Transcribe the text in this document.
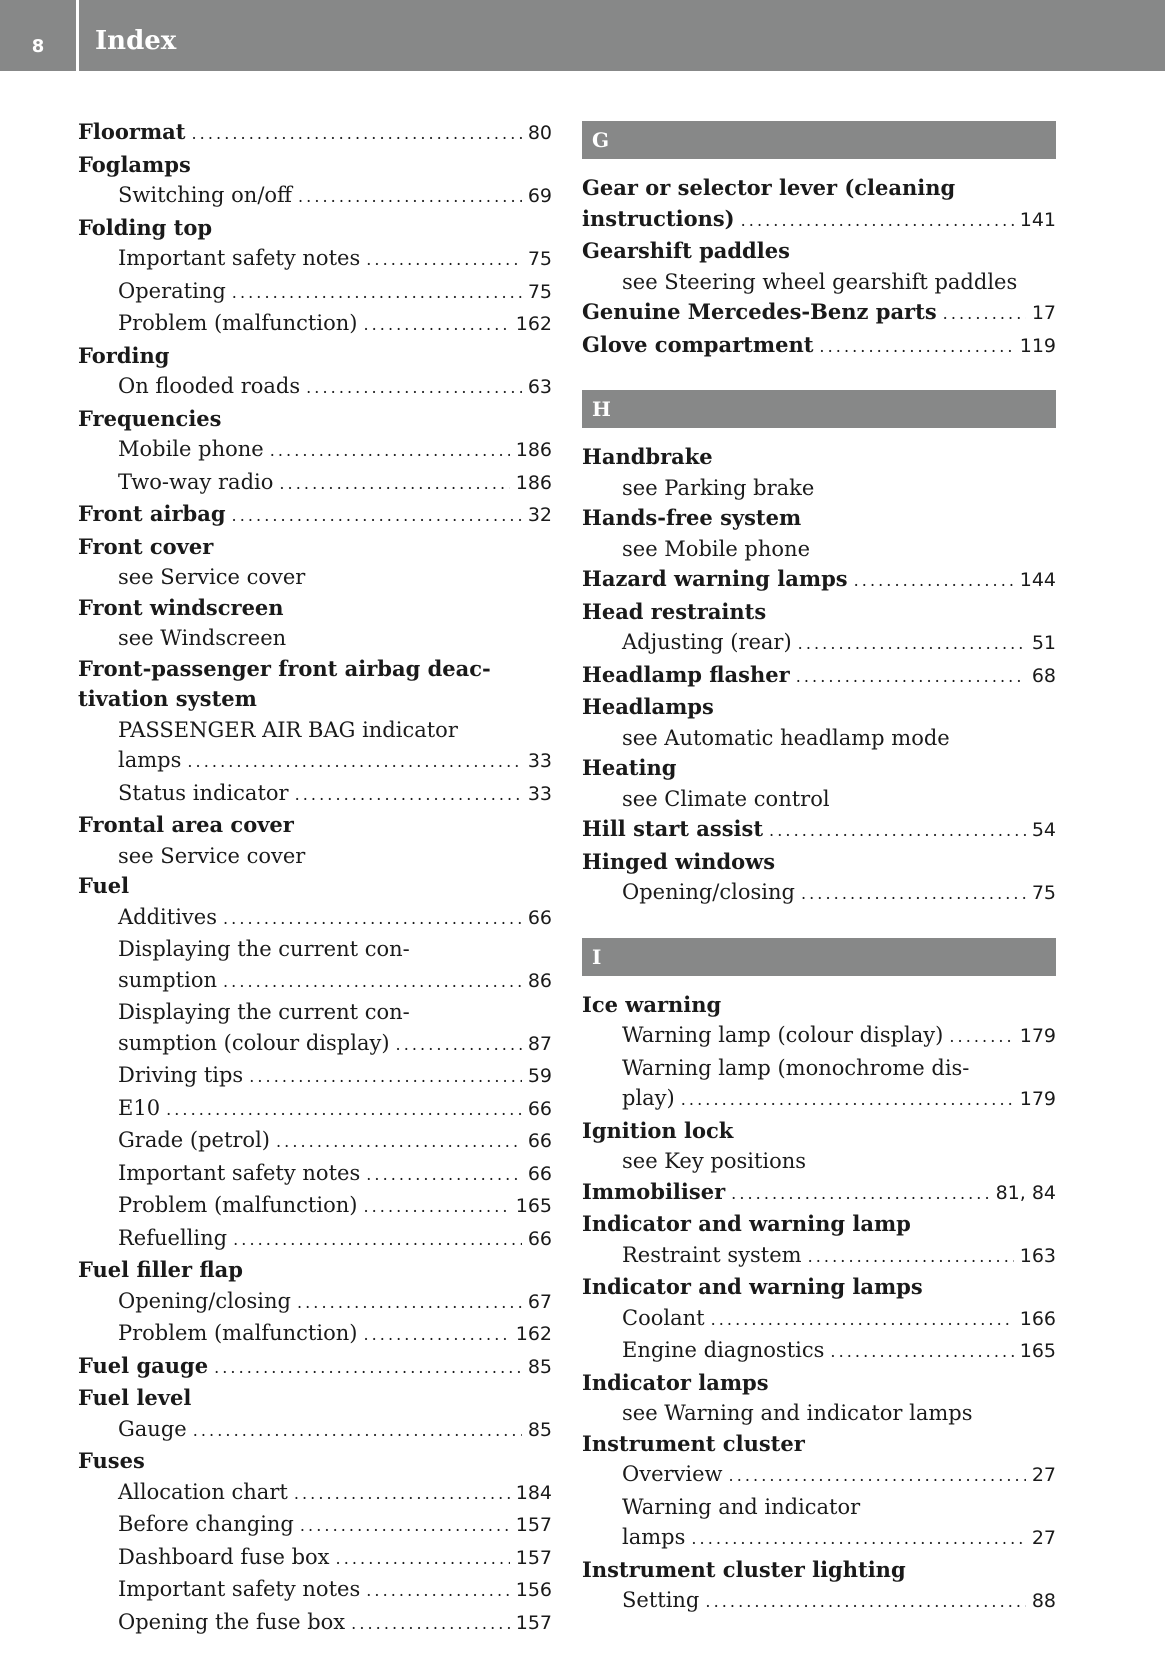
8 Index
Floormat . . .	80
Foglamps
Switching on/off . . .	69
Folding top
Important safety notes . . .	75
Operating . . .	75
Problem (malfunction) . . .	162
Fording
On flooded roads . . .	63
Frequencies
Mobile phone . . .	186
Two-way radio . . .	186
Front airbag . . .	32
Front cover
see Service cover
Front windscreen
see Windscreen
Front-passenger front airbag deac-
tivation system
PASSENGER AIR BAG indicator
lamps . . .	33
Status indicator . . .	33
Frontal area cover
see Service cover
Fuel
Additives . . .	66
Displaying the current con-
sumption . . .	86
Displaying the current con-
sumption (colour display) . . .	87
Driving tips . . .	59
E10 . . .	66
Grade (petrol) . . .	66
Important safety notes . . .	66
Problem (malfunction) . . .	165
Refuelling . . .	66
Fuel filler flap
Opening/closing . . .	67
Problem (malfunction) . . .	162
Fuel gauge . . .	85
Fuel level
Gauge . . .	85
Fuses
Allocation chart . . .	184
Before changing . . .	157
Dashboard fuse box . . .	157
Important safety notes . . .	156
Opening the fuse box . . .	157
G
Gear or selector lever (cleaning
instructions) . . .	141
Gearshift paddles
see Steering wheel gearshift paddles
Genuine Mercedes-Benz parts . . .	17
Glove compartment . . .	119
H
Handbrake
see Parking brake
Hands-free system
see Mobile phone
Hazard warning lamps . . .	144
Head restraints
Adjusting (rear) . . .	51
Headlamp flasher . . .	68
Headlamps
see Automatic headlamp mode
Heating
see Climate control
Hill start assist . . .	54
Hinged windows
Opening/closing . . .	75
I
Ice warning
Warning lamp (colour display) . . .	179
Warning lamp (monochrome dis-
play) . . .	179
Ignition lock
see Key positions
Immobiliser . . .	81, 84
Indicator and warning lamp
Restraint system . . .	163
Indicator and warning lamps
Coolant . . .	166
Engine diagnostics . . .	165
Indicator lamps
see Warning and indicator lamps
Instrument cluster
Overview . . .	27
Warning and indicator
lamps . . .	27
Instrument cluster lighting
Setting . . .	88
